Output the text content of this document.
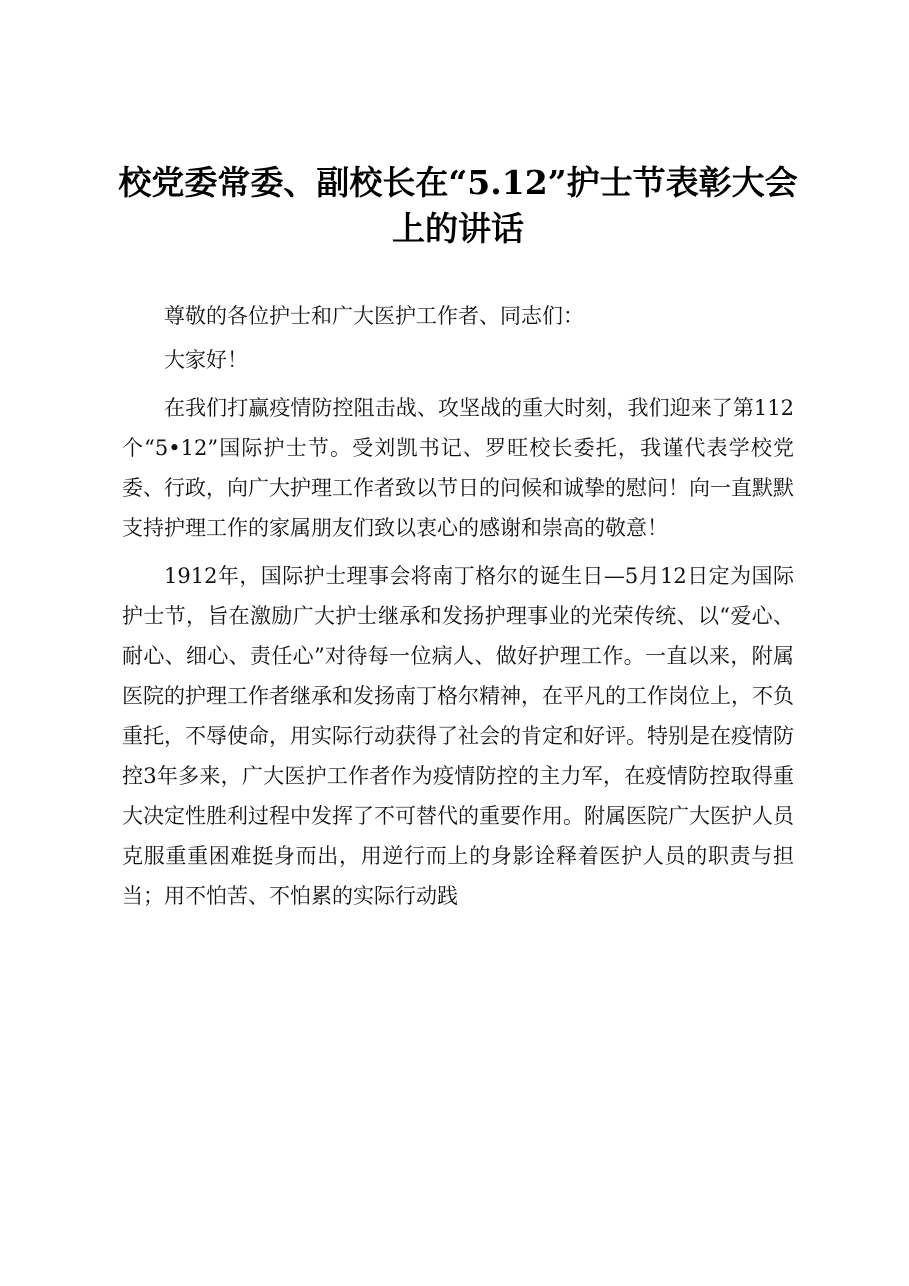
校党委常委、副校长在“5.12”护士节表彰大会上的讲话

尊敬的各位护士和广大医护工作者、同志们：

大家好！

在我们打赢疫情防控阻击战、攻坚战的重大时刻，我们迎来了第112个“5•12”国际护士节。受刘凯书记、罗旺校长委托，我谨代表学校党委、行政，向广大护理工作者致以节日的问候和诚挚的慰问！向一直默默支持护理工作的家属朋友们致以衷心的感谢和崇高的敬意！

1912年，国际护士理事会将南丁格尔的诞生日—5月12日定为国际护士节，旨在激励广大护士继承和发扬护理事业的光荣传统、以“爱心、耐心、细心、责任心”对待每一位病人、做好护理工作。一直以来，附属医院的护理工作者继承和发扬南丁格尔精神，在平凡的工作岗位上，不负重托，不辱使命，用实际行动获得了社会的肯定和好评。特别是在疫情防控3年多来，广大医护工作者作为疫情防控的主力军，在疫情防控取得重大决定性胜利过程中发挥了不可替代的重要作用。附属医院广大医护人员克服重重困难挺身而出，用逆行而上的身影诠释着医护人员的职责与担当；用不怕苦、不怕累的实际行动践
